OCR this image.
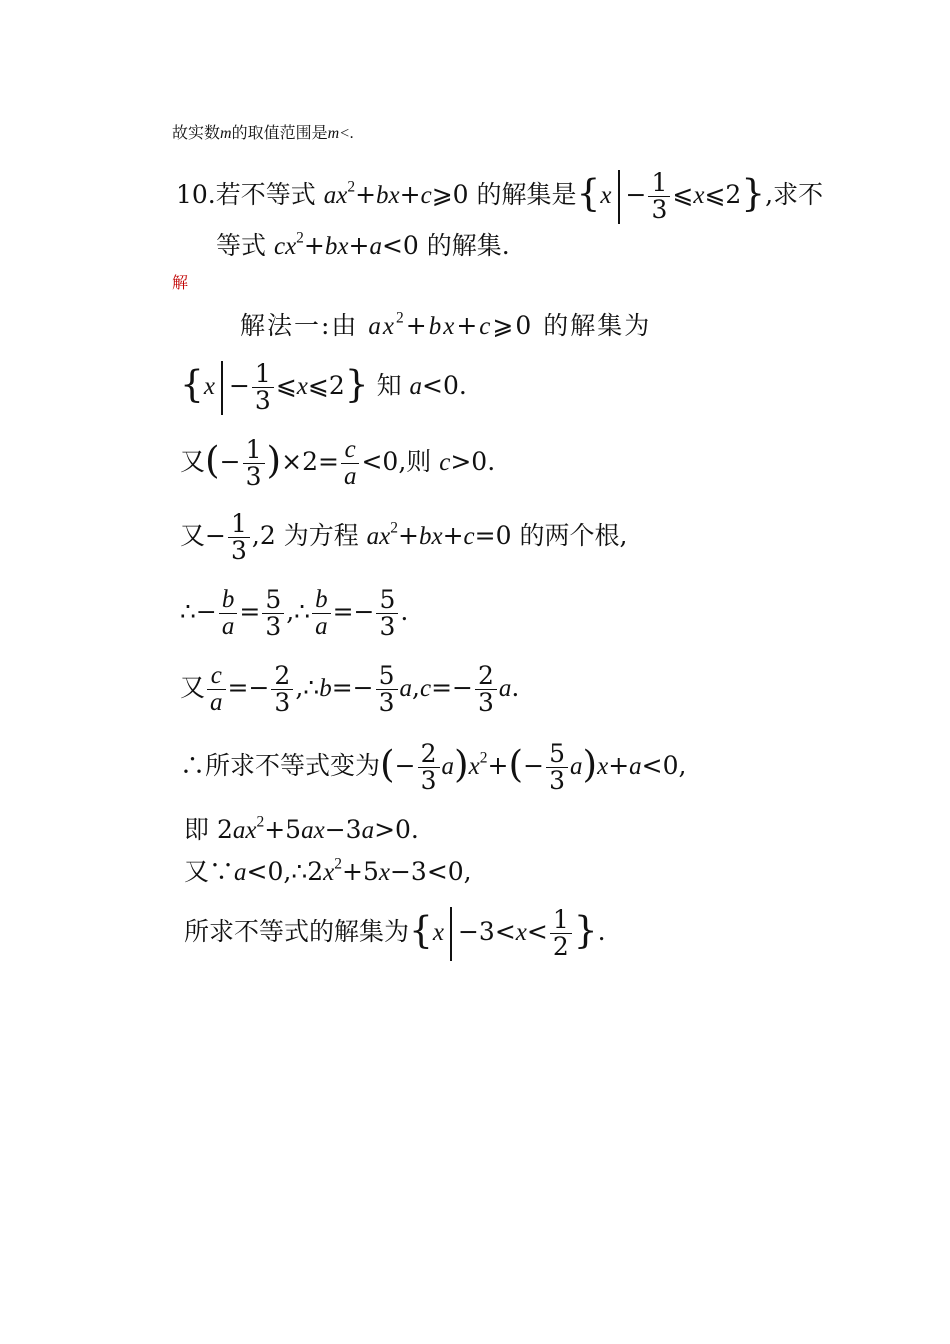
故实数m的取值范围是m<.
10.若不等式 $ax^2+bx+c⩾0$ 的解集是{$x - \frac{1}{3}$ ⩽x⩽2},求不
等式 $cx^2+bx+a<0$ 的解集.
解
解法一:由 $ax^2+bx+c⩾0$ 的解集为
{$x - \frac{1}{3}$ ⩽x⩽2} 知 a<0.
又(− $\frac{1}{3} )\times 2= \frac{c}{a} <0$,则 c>0.
又− $\frac{1}{3} ,2$ 为方程 $ax^2+bx+c=0$ 的两个根,
∴− $\frac{b}{a} = \frac{5}{3}$ ,∴ $\frac{b}{a} =- \frac{5}{3}$ .
又 $\frac{c}{a} =- \frac{2}{3}$ ,∴b=− $\frac{5}{3} a,c=- \frac{2}{3} a$.
∴所求不等式变为(− $\frac{2}{3} a)x^2+(- \frac{5}{3} a)x+a<0$,
即 $2ax^2+5ax-3a>0$.
又$\because a<0,\therefore 2x^2+5x-3<0$,
所求不等式的解集为{$x -3<x< \frac{1}{2}$ }.
